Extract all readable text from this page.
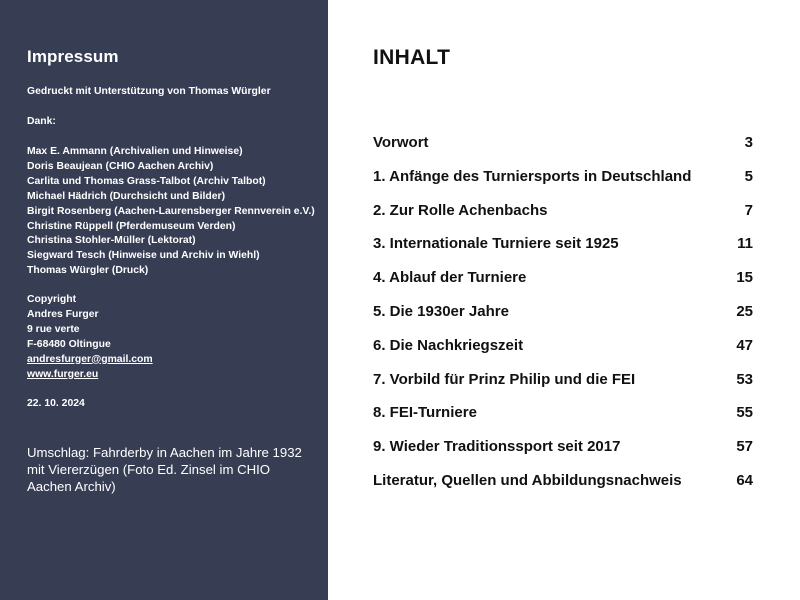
Impressum

Gedruckt mit Unterstützung von Thomas Würgler

Dank:

Max E. Ammann (Archivalien und Hinweise)
Doris Beaujean (CHIO Aachen Archiv)
Carlita und Thomas Grass-Talbot (Archiv Talbot)
Michael Hädrich (Durchsicht und Bilder)
Birgit Rosenberg (Aachen-Laurensberger Rennverein e.V.)
Christine Rüppell (Pferdemuseum Verden)
Christina Stohler-Müller (Lektorat)
Siegward Tesch (Hinweise und Archiv in Wiehl)
Thomas Würgler (Druck)
Copyright
Andres Furger
9 rue verte
F-68480 Oltingue
andresfurger@gmail.com
www.furger.eu

22. 10. 2024

Umschlag: Fahrderby in Aachen im Jahre 1932 mit Viererzügen (Foto Ed. Zinsel im CHIO Aachen Archiv)

INHALT
Vorwort	3
1. Anfänge des Turniersports in Deutschland	5
2. Zur Rolle Achenbachs	7
3. Internationale Turniere seit 1925	11
4. Ablauf der Turniere	15
5. Die 1930er Jahre	25
6. Die Nachkriegszeit	47
7. Vorbild für Prinz Philip und die FEI	53
8. FEI-Turniere	55
9. Wieder Traditionssport seit 2017	57
Literatur, Quellen und Abbildungsnachweis	64
